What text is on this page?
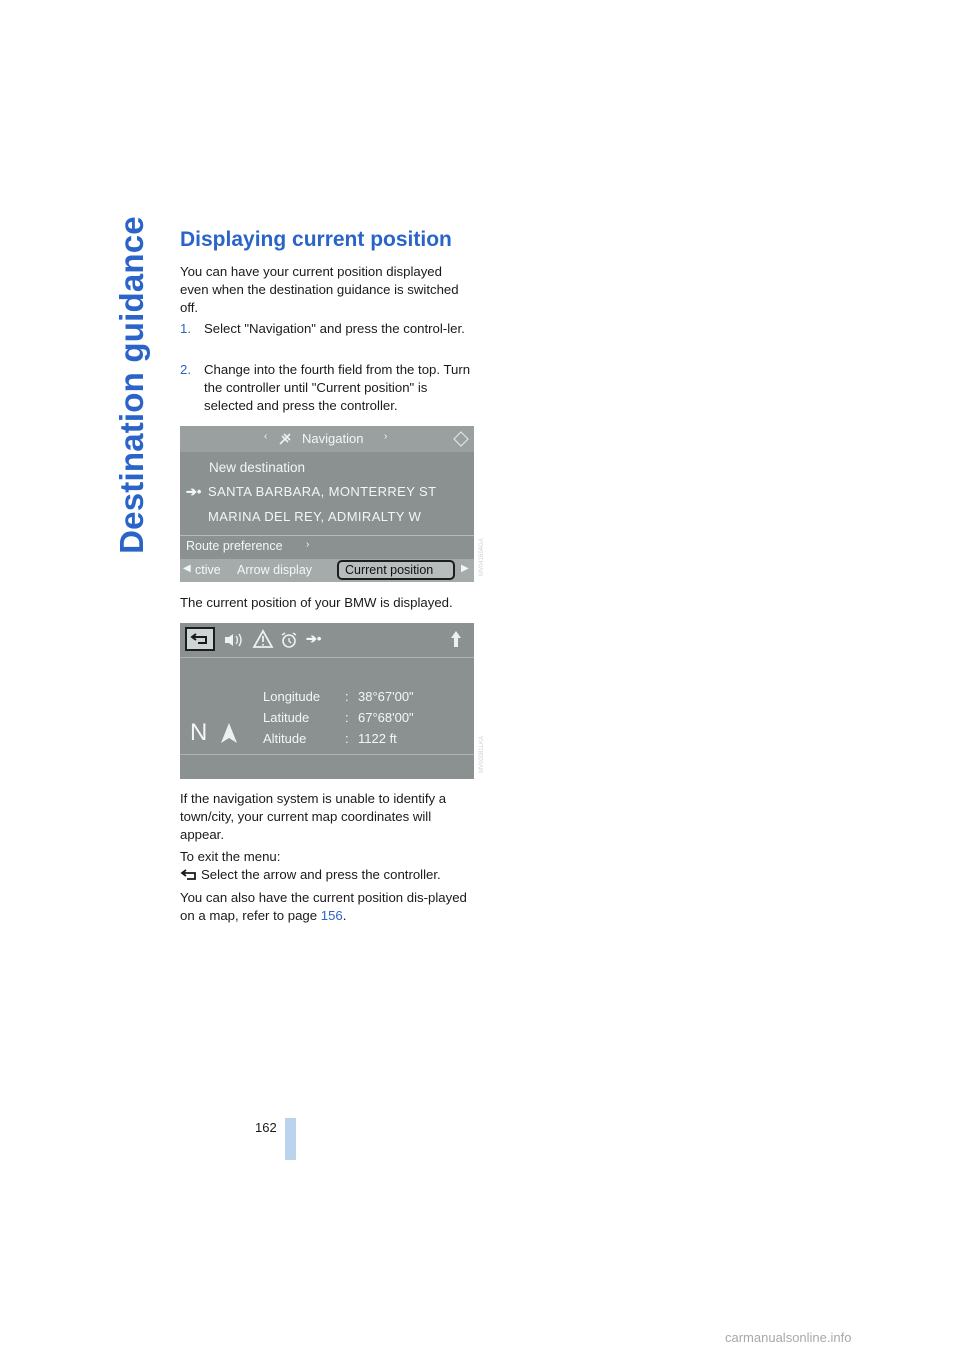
Destination guidance Displaying current position

You can have your current position displayed even when the destination guidance is switched off.

1. Select "Navigation" and press the control-ler.
2. Change into the fourth field from the top. Turn the controller until "Current position" is selected and press the controller.
‹	Navigation ›
New destination
➔• SANTA BARBARA, MONTERREY ST
MARINA DEL REY, ADMIRALTY W
Route preference ›
◀ ctive Arrow display	Current position	▶ MV041604GA

The current position of your BMW is displayed.

➔•
Longitude : 38°67'00"
Latitude	: 67°68'00"
Altitude	: 1122 ft
N
MV00081LKA

If the navigation system is unable to identify a town/city, your current map coordinates will appear.

To exit the menu:

Select the arrow and press the controller.

You can also have the current position dis-played on a map, refer to page 156.

162
carmanualsonline.info
